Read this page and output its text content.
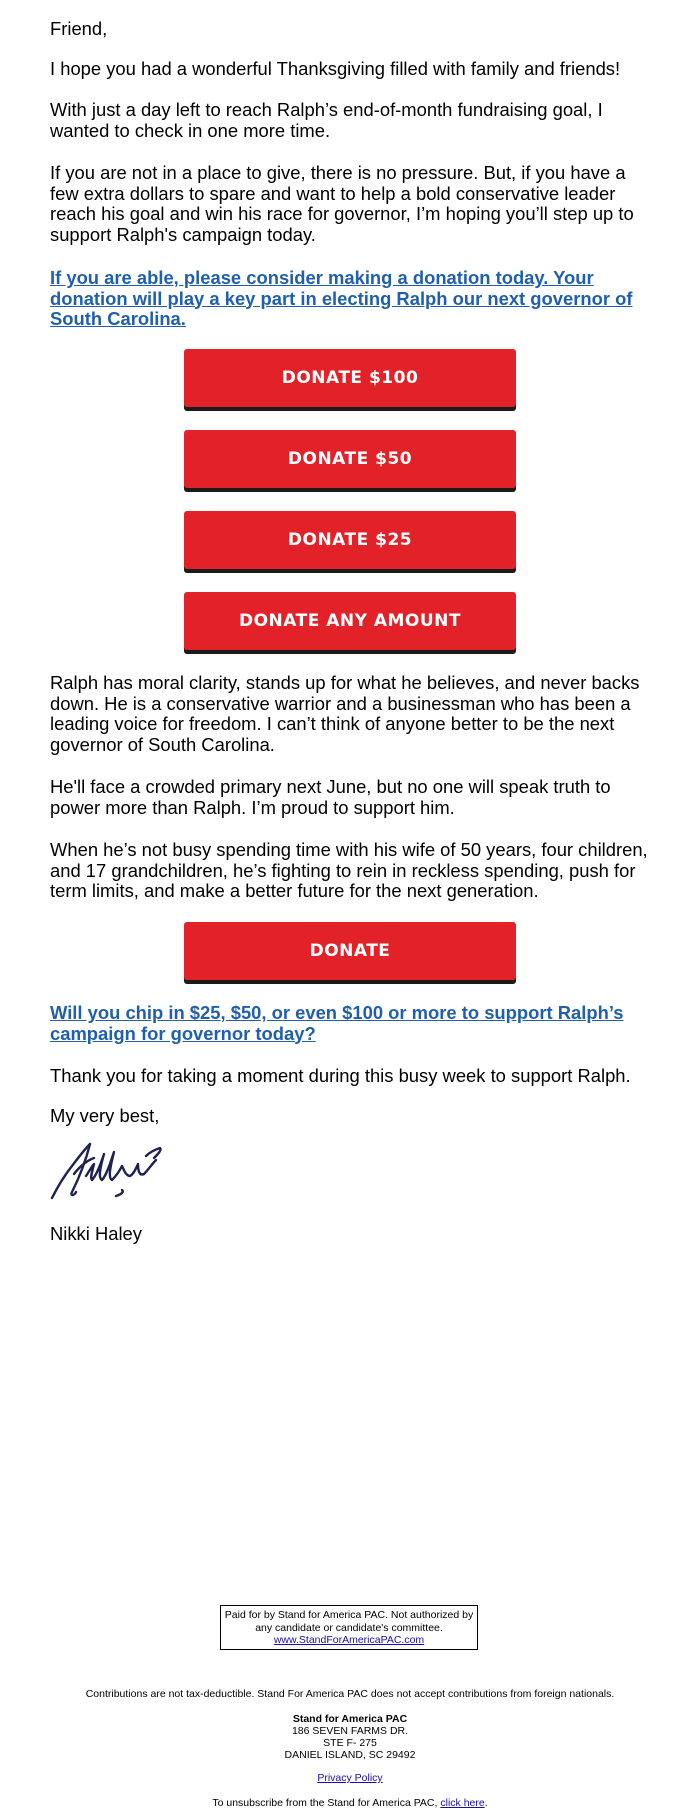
Friend,

I hope you had a wonderful Thanksgiving filled with family and friends!

With just a day left to reach Ralph’s end-of-month fundraising goal, I wanted to check in one more time.

If you are not in a place to give, there is no pressure. But, if you have a few extra dollars to spare and want to help a bold conservative leader reach his goal and win his race for governor, I’m hoping you’ll step up to support Ralph's campaign today.

If you are able, please consider making a donation today. Your donation will play a key part in electing Ralph our next governor of South Carolina.
DONATE $100
DONATE $50
DONATE $25
DONATE ANY AMOUNT

Ralph has moral clarity, stands up for what he believes, and never backs down. He is a conservative warrior and a businessman who has been a leading voice for freedom. I can’t think of anyone better to be the next governor of South Carolina.

He'll face a crowded primary next June, but no one will speak truth to power more than Ralph. I’m proud to support him.

When he’s not busy spending time with his wife of 50 years, four children, and 17 grandchildren, he’s fighting to rein in reckless spending, push for term limits, and make a better future for the next generation.

DONATE
Will you chip in $25, $50, or even $100 or more to support Ralph’s campaign for governor today?

Thank you for taking a moment during this busy week to support Ralph.

My very best,

Nikki Haley

Paid for by Stand for America PAC. Not authorized by any candidate or candidate's committee.
www.StandForAmericaPAC.com
Contributions are not tax-deductible. Stand For America PAC does not accept contributions from foreign nationals.
Stand for America PAC
186 SEVEN FARMS DR.
STE F- 275
DANIEL ISLAND, SC 29492
Privacy Policy
To unsubscribe from the Stand for America PAC, click here.
